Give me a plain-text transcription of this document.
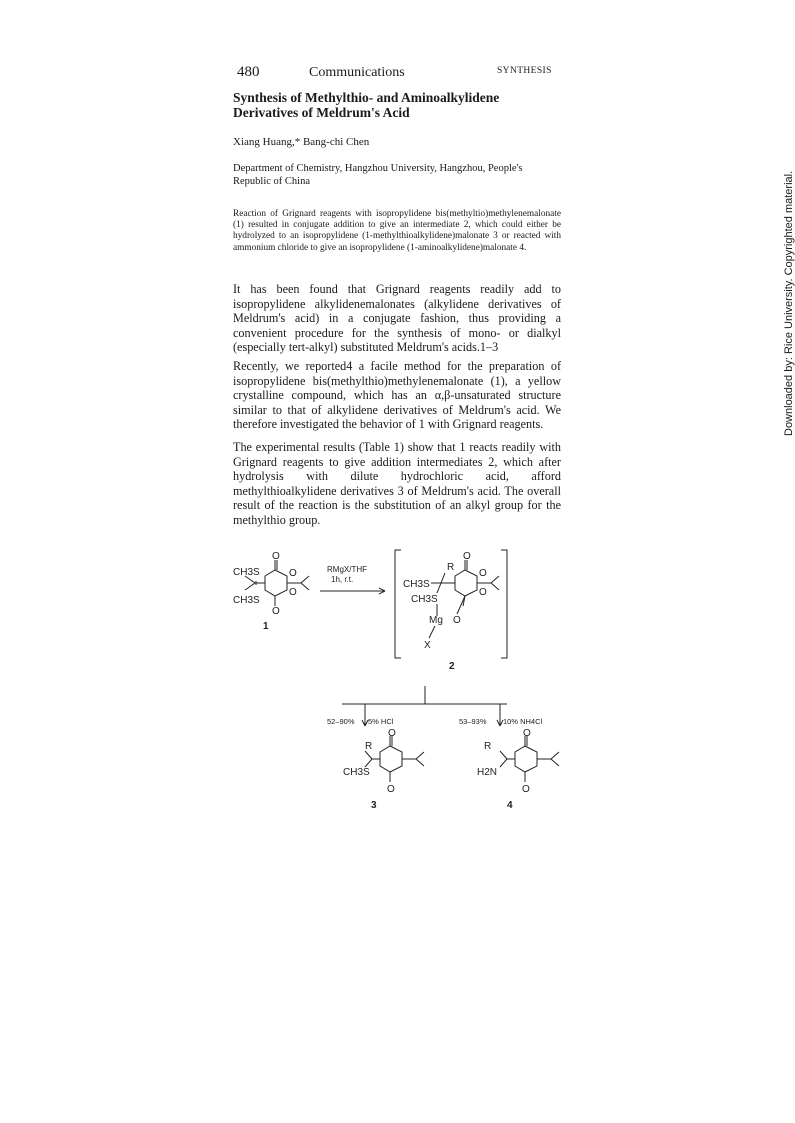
480	Communications	SYNTHESIS
Synthesis of Methylthio- and Aminoalkylidene Derivatives of Meldrum's Acid
Xiang Huang,* Bang-chi Chen
Department of Chemistry, Hangzhou University, Hangzhou, People's Republic of China
Reaction of Grignard reagents with isopropylidene bis(methyltio)methylenemalonate (1) resulted in conjugate addition to give an intermediate 2, which could either be hydrolyzed to an isopropylidene (1-methylthioalkylidene)malonate 3 or reacted with ammonium chloride to give an isopropylidene (1-aminoalkylidene)malonate 4.
It has been found that Grignard reagents readily add to isopropylidene alkylidenemalonates (alkylidene derivatives of Meldrum's acid) in a conjugate fashion, thus providing a convenient procedure for the synthesis of mono- or dialkyl (especially tert-alkyl) substituted Meldrum's acids.1–3
Recently, we reported4 a facile method for the preparation of isopropylidene bis(methylthio)methylenemalonate (1), a yellow crystalline compound, which has an α,β-unsaturated structure similar to that of alkylidene derivatives of Meldrum's acid. We therefore investigated the behavior of 1 with Grignard reagents.
The experimental results (Table 1) show that 1 reacts readily with Grignard reagents to give addition intermediates 2, which after hydrolysis with dilute hydrochloric acid, afford methylthioalkylidene derivatives 3 of Meldrum's acid. The overall result of the reaction is the substitution of an alkyl group for the methylthio group.
Downloaded by: Rice University. Copyrighted material.
CH3S
CH3S
O
O
O
O
1
RMgX/THF
1h, r.t.	CH3S
CH3S
R
O
O
O
Mg O
X
2
52–90% 5% HCl	53–93% 10% NH4Cl
R
CH3S
O
O
3
R
H2N
O
O
4
